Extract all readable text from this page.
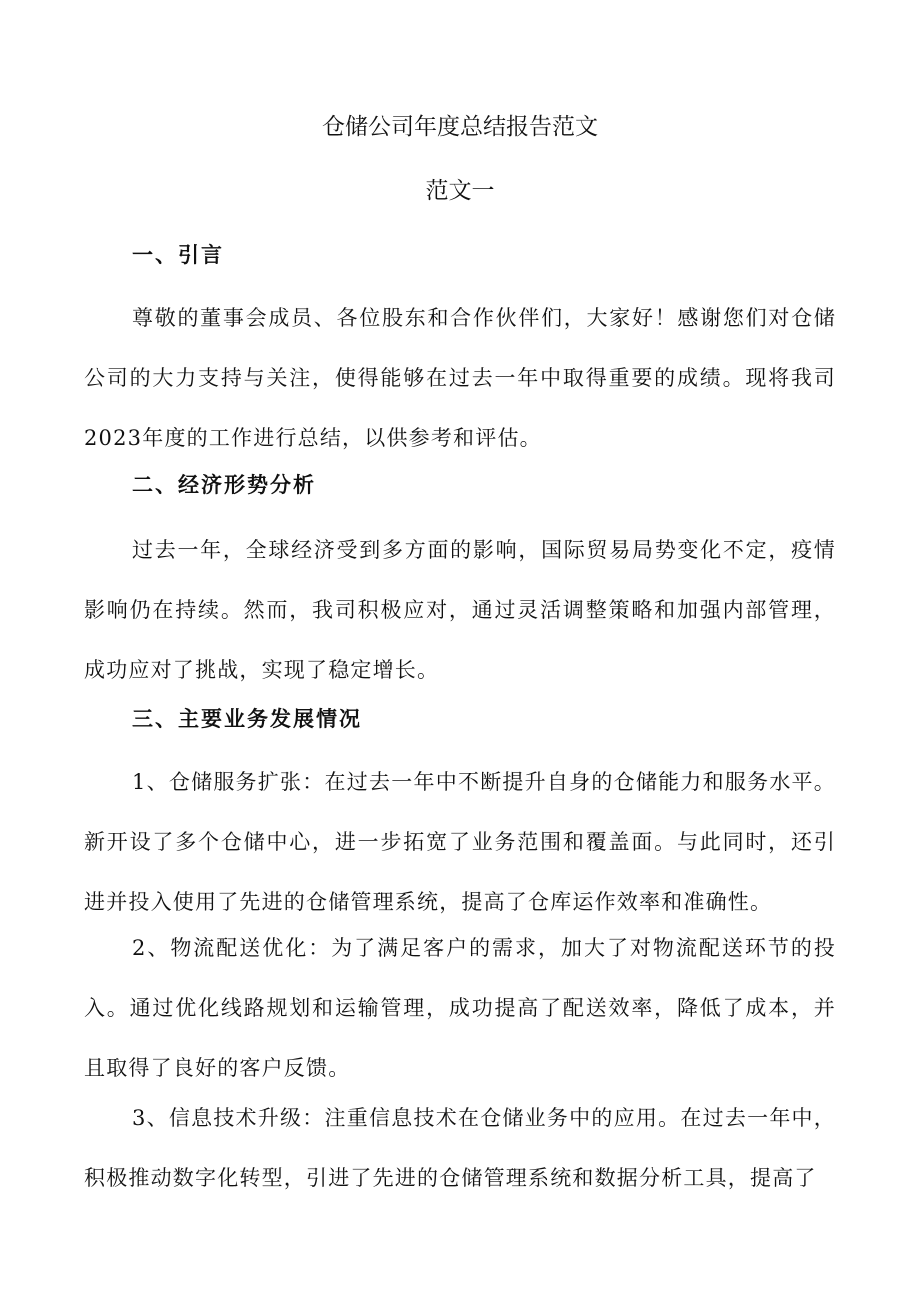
仓储公司年度总结报告范文
范文一
一、引言

尊敬的董事会成员、各位股东和合作伙伴们，大家好！感谢您们对仓储公司的大力支持与关注，使得能够在过去一年中取得重要的成绩。现将我司2023年度的工作进行总结，以供参考和评估。

二、经济形势分析

过去一年，全球经济受到多方面的影响，国际贸易局势变化不定，疫情影响仍在持续。然而，我司积极应对，通过灵活调整策略和加强内部管理，成功应对了挑战，实现了稳定增长。

三、主要业务发展情况

1、仓储服务扩张：在过去一年中不断提升自身的仓储能力和服务水平。新开设了多个仓储中心，进一步拓宽了业务范围和覆盖面。与此同时，还引进并投入使用了先进的仓储管理系统，提高了仓库运作效率和准确性。

2、物流配送优化：为了满足客户的需求，加大了对物流配送环节的投入。通过优化线路规划和运输管理，成功提高了配送效率，降低了成本，并且取得了良好的客户反馈。

3、信息技术升级：注重信息技术在仓储业务中的应用。在过去一年中，积极推动数字化转型，引进了先进的仓储管理系统和数据分析工具，提高了
